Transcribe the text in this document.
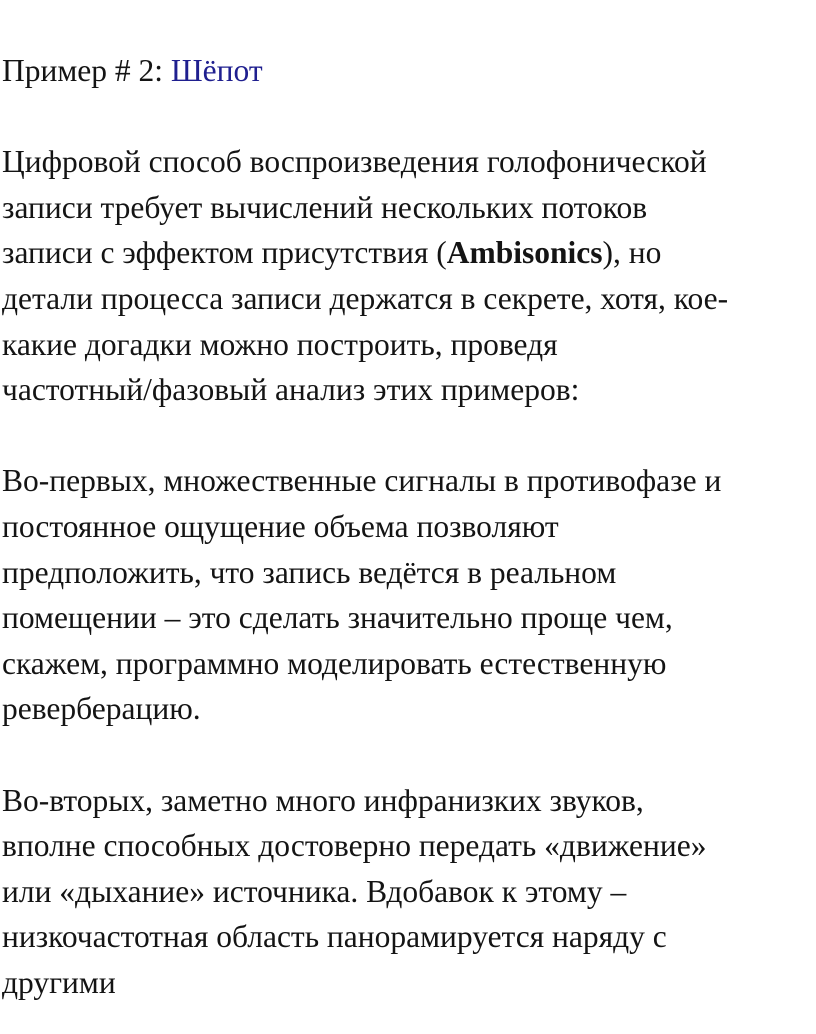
Пример # 2: Шёпот
Цифровой способ воспроизведения голофонической
записи требует вычислений нескольких потоков
записи с эффектом присутствия (Ambisonics), но
детали процесса записи держатся в секрете, хотя, кое-
какие догадки можно построить, проведя
частотный/фазовый анализ этих примеров:
Во-первых, множественные сигналы в противофазе и
постоянное ощущение объема позволяют
предположить, что запись ведётся в реальном
помещении – это сделать значительно проще чем,
скажем, программно моделировать естественную
реверберацию.
Во-вторых, заметно много инфранизких звуков,
вполне способных достоверно передать «движение»
или «дыхание» источника. Вдобавок к этому –
низкочастотная область панорамируется наряду с
другими
